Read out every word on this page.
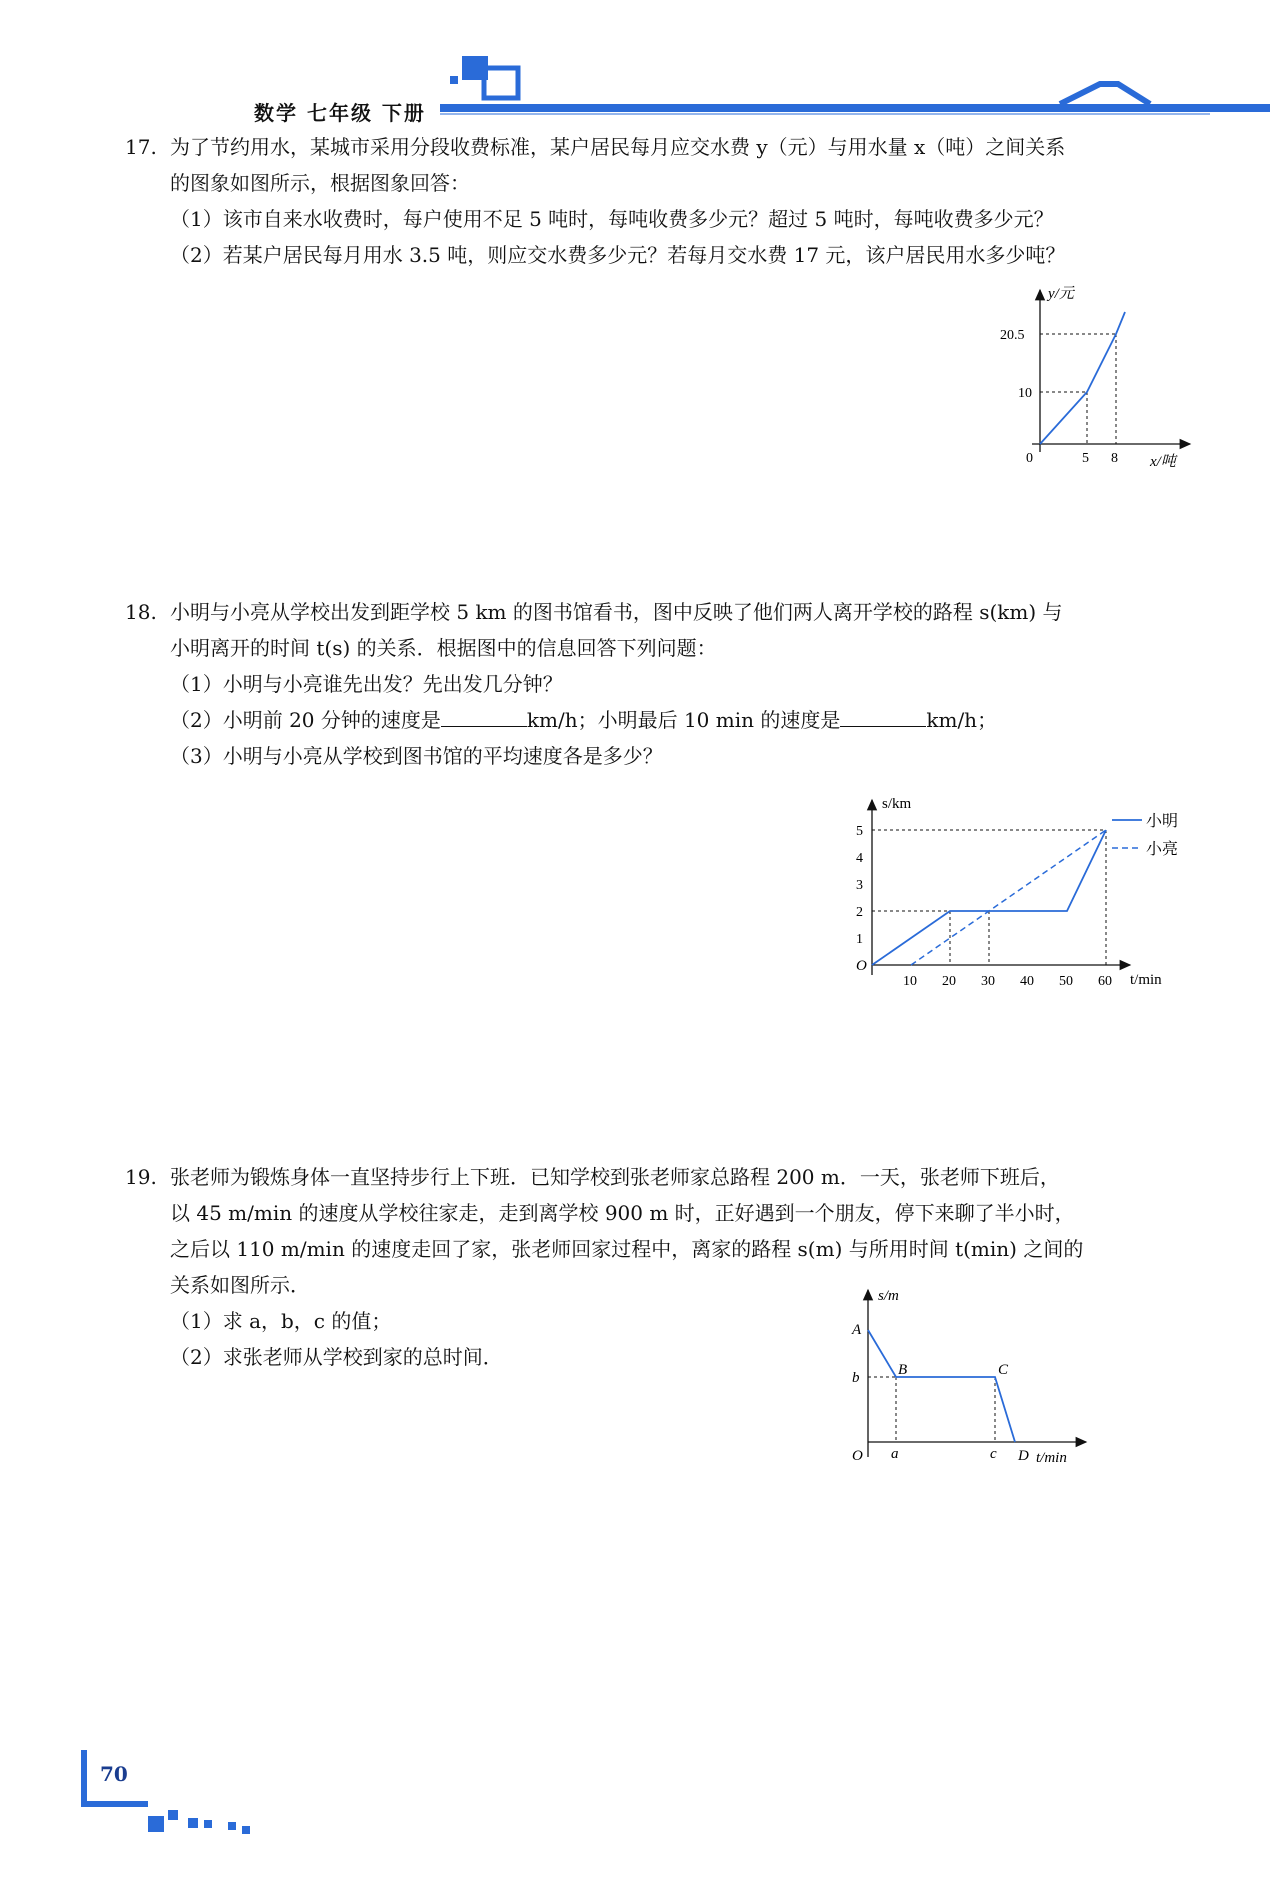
数学 七年级 下册
17. 为了节约用水，某城市采用分段收费标准，某户居民每月应交水费 y（元）与用水量 x（吨）之间关系
的图象如图所示，根据图象回答：
（1）该市自来水收费时，每户使用不足 5 吨时，每吨收费多少元？超过 5 吨时，每吨收费多少元？
（2）若某户居民每月用水 3.5 吨，则应交水费多少元？若每月交水费 17 元，该户居民用水多少吨？
y/元
x/吨
0	5 8
10
20.5
18. 小明与小亮从学校出发到距学校 5 km 的图书馆看书，图中反映了他们两人离开学校的路程 s(km) 与
小明离开的时间 t(s) 的关系．根据图中的信息回答下列问题：
（1）小明与小亮谁先出发？先出发几分钟？
（2）小明前 20 分钟的速度是	km/h；小明最后 10 min 的速度是	km/h；
（3）小明与小亮从学校到图书馆的平均速度各是多少？
10 20 30 40 50 60
1
2
3
4
5
s/km
t/min
O
小明
小亮
19. 张老师为锻炼身体一直坚持步行上下班．已知学校到张老师家总路程 200 m．一天，张老师下班后，
以 45 m/min 的速度从学校往家走，走到离学校 900 m 时，正好遇到一个朋友，停下来聊了半小时，
之后以 110 m/min 的速度走回了家，张老师回家过程中，离家的路程 s(m) 与所用时间 t(min) 之间的
关系如图所示．
（1）求 a，b，c 的值；
（2）求张老师从学校到家的总时间．
s/m
t/min
O
A
B	C
D
a
b
c
70
